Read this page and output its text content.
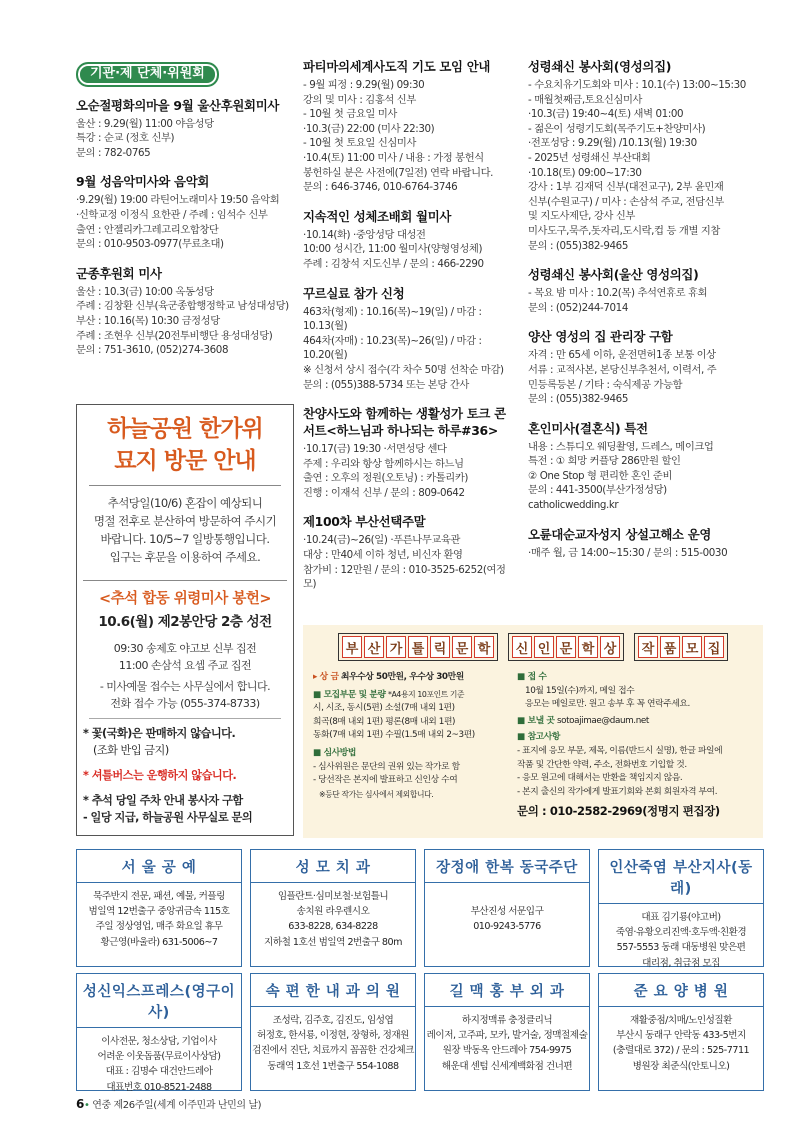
기관·제 단체·위원회
오순절평화의마을 9월 울산후원회미사

울산 : 9.29(월) 11:00 야음성당
특강 : 순교 (정호 신부)
문의 : 782-0765

9월 성음악미사와 음악회

·9.29(월) 19:00 라틴어노래미사 19:50 음악회
·신학교정 이정식 요한관 / 주례 : 임석수 신부
출연 : 안젤리카그레고리오합창단
문의 : 010-9503-0977(무료초대)

군종후원회 미사

울산 : 10.3(금) 10:00 옥동성당
주례 : 김창환 신부(육군종합행정학교 남성대성당)
부산 : 10.16(목) 10:30 금정성당
주례 : 조현우 신부(20전투비행단 용성대성당)
문의 : 751-3610, (052)274-3608

하늘공원 한가위
묘지 방문 안내
추석당일(10/6) 혼잡이 예상되니
명절 전후로 분산하여 방문하여 주시기
바랍니다. 10/5~7 일방통행입니다.
입구는 후문을 이용하여 주세요.
<추석 합동 위령미사 봉헌>
10.6(월) 제2봉안당 2층 성전
09:30 송제호 야고보 신부 집전
11:00 손삼석 요셉 주교 집전
- 미사예물 접수는 사무실에서 합니다.
전화 접수 가능 (055-374-8733)
* 꽃(국화)은 판매하지 않습니다.
(조화 반입 금지)
* 셔틀버스는 운행하지 않습니다.
* 추석 당일 주차 안내 봉사자 구함
- 일당 지급, 하늘공원 사무실로 문의
파티마의세계사도직 기도 모임 안내

- 9월 피정 : 9.29(월) 09:30
강의 및 미사 : 김홍석 신부
- 10월 첫 금요일 미사
·10.3(금) 22:00 (미사 22:30)
- 10월 첫 토요일 신심미사
·10.4(토) 11:00 미사 / 내용 : 가정 봉헌식
봉헌하실 분은 사전에(7일전) 연락 바랍니다.
문의 : 646-3746, 010-6764-3746

지속적인 성체조배회 월미사

·10.14(화) ·중앙성당 대성전
10:00 성시간, 11:00 월미사(양형영성체)
주례 : 김창석 지도신부 / 문의 : 466-2290

꾸르실료 참가 신청

463차(형제) : 10.16(목)~19(일) / 마감 : 10.13(월)
464차(자매) : 10.23(목)~26(일) / 마감 : 10.20(월)
※ 신청서 상시 접수(각 차수 50명 선착순 마감)
문의 : (055)388-5734 또는 본당 간사

찬양사도와 함께하는 생활성가 토크 콘서트<하느님과 하나되는 하루#36>

·10.17(금) 19:30 ·서면성당 센다
주제 : 우리와 항상 함께하시는 하느님
출연 : 오후의 정원(오토닝) : 카톨리카)
진행 : 이재석 신부 / 문의 : 809-0642

제100차 부산선택주말

·10.24(금)~26(일) ·푸른나무교육관
대상 : 만40세 이하 청년, 비신자 환영
참가비 : 12만원 / 문의 : 010-3525-6252(여정모)

성령쇄신 봉사회(영성의집)

- 수요치유기도회와 미사 : 10.1(수) 13:00~15:30
- 매월첫째금,토요신심미사
·10.3(금) 19:40~4(토) 새벽 01:00
- 젊은이 성령기도회(목주기도+찬양미사)
·전포성당 : 9.29(월) /10.13(월) 19:30
- 2025년 성령쇄신 부산대회
·10.18(토) 09:00~17:30
강사 : 1부 김재덕 신부(대전교구), 2부 윤민재
신부(수원교구) / 미사 : 손삼석 주교, 전담신부
및 지도사제단, 강사 신부
미사도구,묵주,돗자리,도시락,컵 등 개별 지참
문의 : (055)382-9465

성령쇄신 봉사회(울산 영성의집)

- 목요 밤 미사 : 10.2(목) 추석연휴로 휴회
문의 : (052)244-7014

양산 영성의 집 관리장 구함

자격 : 만 65세 이하, 운전면허1종 보통 이상
서류 : 교적사본, 본당신부추천서, 이력서, 주
민등록등본 / 기타 : 숙식제공 가능함
문의 : (055)382-9465

혼인미사(결혼식) 특전

내용 : 스튜디오 웨딩촬영, 드레스, 메이크업
특전 : ① 희망 커플당 286만원 할인
② One Stop 형 편리한 혼인 준비
문의 : 441-3500(부산가정성당)
catholicwedding.kr

오륜대순교자성지 상설고해소 운영

·매주 월, 금 14:00~15:30 / 문의 : 515-0030

부 산 가 톨 릭 문 학 신 인 문 학 상 작 품 모 집
▸ 상 금 최우수상 50만원, 우수상 30만원
■ 모집부문 및 분량 *A4용지 10포인트 기준
시, 시조, 동시(5편) 소설(7매 내외 1편)
희곡(8매 내외 1편) 평론(8매 내외 1편)
동화(7매 내외 1편) 수필(1.5매 내외 2~3편)
■ 심사방법
- 심사위원은 문단의 권위 있는 작가로 함
- 당선작은 본지에 발표하고 신인상 수여
※등단 작가는 심사에서 제외합니다.
■ 접 수
10월 15일(수)까지, 메일 접수
응모는 메일로만. 원고 송부 후 꼭 연락주세요.
■ 보낼 곳 sotoajimae@daum.net
■ 참고사항
- 표지에 응모 부문, 제목, 이름(반드시 실명), 한글 파일에
작품 및 간단한 약력, 주소, 전화번호 기입할 것.
- 응모 원고에 대해서는 반환을 책임지지 않음.
- 본지 출신의 작가에게 발표기회와 본회 회원자격 부여.
문의 : 010-2582-2969(정명지 편집장)
서 울 공 예
묵주반지 전문, 패션, 예물, 커플링
범일역 12번출구 중앙귀금속 115호
주일 정상영업, 매주 화요일 휴무
황근영(바울라) 631-5006~7
성 모 치 과
임플란트·심미보철·보험틀니
송치원 라우렌시오
633-8228, 634-8228
지하철 1호선 범일역 2번출구 80m
장정애 한복 동국주단

부산진성 서문입구
010-9243-5776
인산죽염 부산지사(동래)
대표 김기룡(야고버)
죽염·유황오리진액·호두액·친환경
557-5553 동래 대동병원 맞은편
대리점, 취급점 모집
성신익스프레스(영구이사)
이사전문, 청소상담, 기업이사
어려운 이웃돕품(무료이사상담)
대표 : 김명수 대건안드레아
대표번호 010-8521-2488
속 편 한 내 과 의 원
조성락, 김주호, 김진도, 임성엽
허정호, 한서룡, 이정현, 장형하, 정재원
검진에서 진단, 치료까지 꼼꼼한 건강체크
동래역 1호선 1번출구 554-1088
길 맥 홍 부 외 과
하지정맥류 충정클리닉
레이저, 고주파, 모카, 발거술, 정맥절제술
원장 박동옥 안드레아 754-9975
해운대 센텀 신세계백화점 건너편
준 요 양 병 원
재활중점/치매/노인성질환
부산시 동래구 안락동 433-5번지
(충렬대로 372) / 문의 : 525-7711
병원장 최준식(안토니오)
6• 연중 제26주일(세계 이주민과 난민의 날)
